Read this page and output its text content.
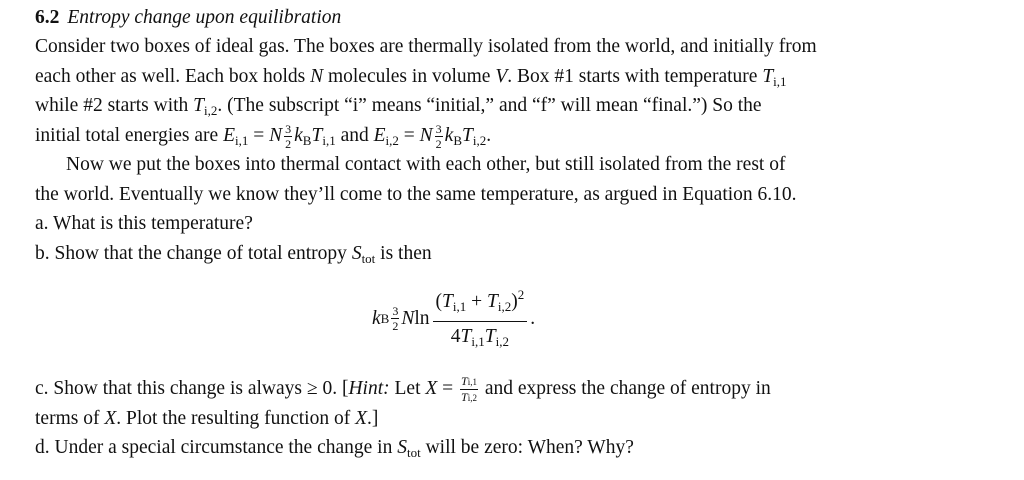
6.2 Entropy change upon equilibration
Consider two boxes of ideal gas. The boxes are thermally isolated from the world, and initially from
each other as well. Each box holds N molecules in volume V. Box #1 starts with temperature $T_{i,1}$
while #2 starts with $T_{i,2}$. (The subscript “i” means “initial,” and “f” will mean “final.”) So the
initial total energies are $E_{i,1} = N \frac{3}{2} k_BT_{i,1}$ and $E_{i,2} = N \frac{3}{2} k_BT_{i,2}$.
Now we put the boxes into thermal contact with each other, but still isolated from the rest of
the world. Eventually we know they’ll come to the same temperature, as argued in Equation 6.10.
a. What is this temperature?
b. Show that the change of total entropy $S_{tot}$ is then
k B 3
2 N $\ln \frac{(T_{i,1} + T_{i,2})^2}{4T_{i,1}T_{i,2}}$ .
c. Show that this change is always ≥ 0. [Hint: Let $X = \frac{Ti,1}{Ti,2}$ and express the change of entropy in
terms of X. Plot the resulting function of X.]
d. Under a special circumstance the change in $S_{tot}$ will be zero: When? Why?
